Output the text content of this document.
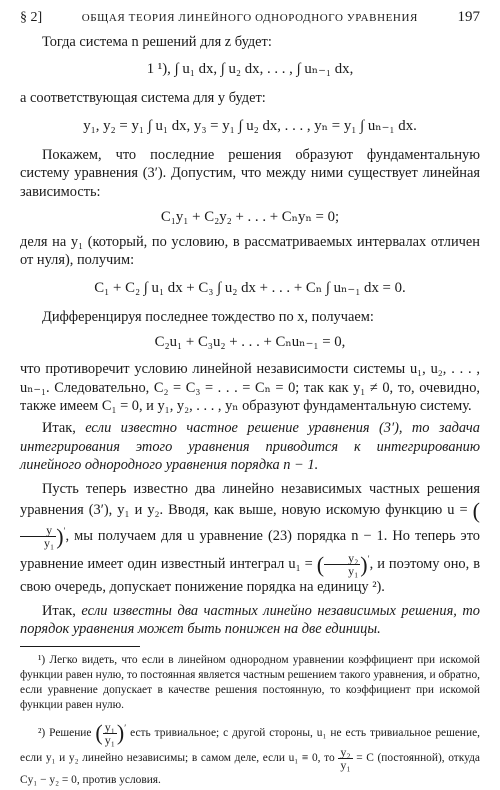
§ 2]	ОБЩАЯ ТЕОРИЯ ЛИНЕЙНОГО ОДНОРОДНОГО УРАВНЕНИЯ	197

Тогда система n решений для z будет:

1 ¹), ∫ u₁ dx, ∫ u₂ dx, . . . , ∫ uₙ₋₁ dx,

а соответствующая система для y будет:

y₁, y₂ = y₁ ∫ u₁ dx, y₃ = y₁ ∫ u₂ dx, . . . , yₙ = y₁ ∫ uₙ₋₁ dx.

Покажем, что последние решения образуют фундаментальную систему уравнения (3′). Допустим, что между ними существует линейная зависимость:

C₁y₁ + C₂y₂ + . . . + Cₙyₙ = 0;

деля на y₁ (который, по условию, в рассматриваемых интервалах отличен от нуля), получим:

C₁ + C₂ ∫ u₁ dx + C₃ ∫ u₂ dx + . . . + Cₙ ∫ uₙ₋₁ dx = 0.

Дифференцируя последнее тождество по x, получаем:

C₂u₁ + C₃u₂ + . . . + Cₙuₙ₋₁ = 0,

что противоречит условию линейной независимости системы u₁, u₂, . . . , uₙ₋₁. Следовательно, C₂ = C₃ = . . . = Cₙ = 0; так как y₁ ≠ 0, то, очевидно, также имеем C₁ = 0, и y₁, y₂, . . . , yₙ образуют фундаментальную систему.

Итак, если известно частное решение уравнения (3′), то задача интегрирования этого уравнения приводится к интегрированию линейного однородного уравнения порядка n − 1.

Пусть теперь известно два линейно независимых частных решения уравнения (3′), y₁ и y₂. Вводя, как выше, новую искомую функцию u = (
$\frac{y}{\text{y₁}} )'$, мы получаем для u уравнение (23) порядка n − 1. Но теперь это уравнение имеет один известный интеграл u₁ = ( $\frac{\text{y₂}}{\text{y₁}} )'$, и поэтому оно, в свою очередь, допускает понижение порядка на единицу ²).

Итак, если известны два частных линейно независимых решения, то порядок уравнения может быть понижен на две единицы.

¹) Легко видеть, что если в линейном однородном уравнении коэффициент при искомой функции равен нулю, то постоянная является частным решением такого уравнения, и обратно, если уравнение допускает в качестве решения постоянную, то коэффициент при искомой функции равен нулю.
²) Решение ( $\frac{\text{y₁}}{\text{y₁}} )'$ есть тривиальное; с другой стороны, u₁ не есть тривиальное решение, если y₁ и y₂ линейно независимы; в самом деле, если u₁ ≡ 0, то $\frac{\text{y₂}}{\text{y₁}} = C$ (постоянной), откуда Cy₁ − y₂ = 0, против условия.
